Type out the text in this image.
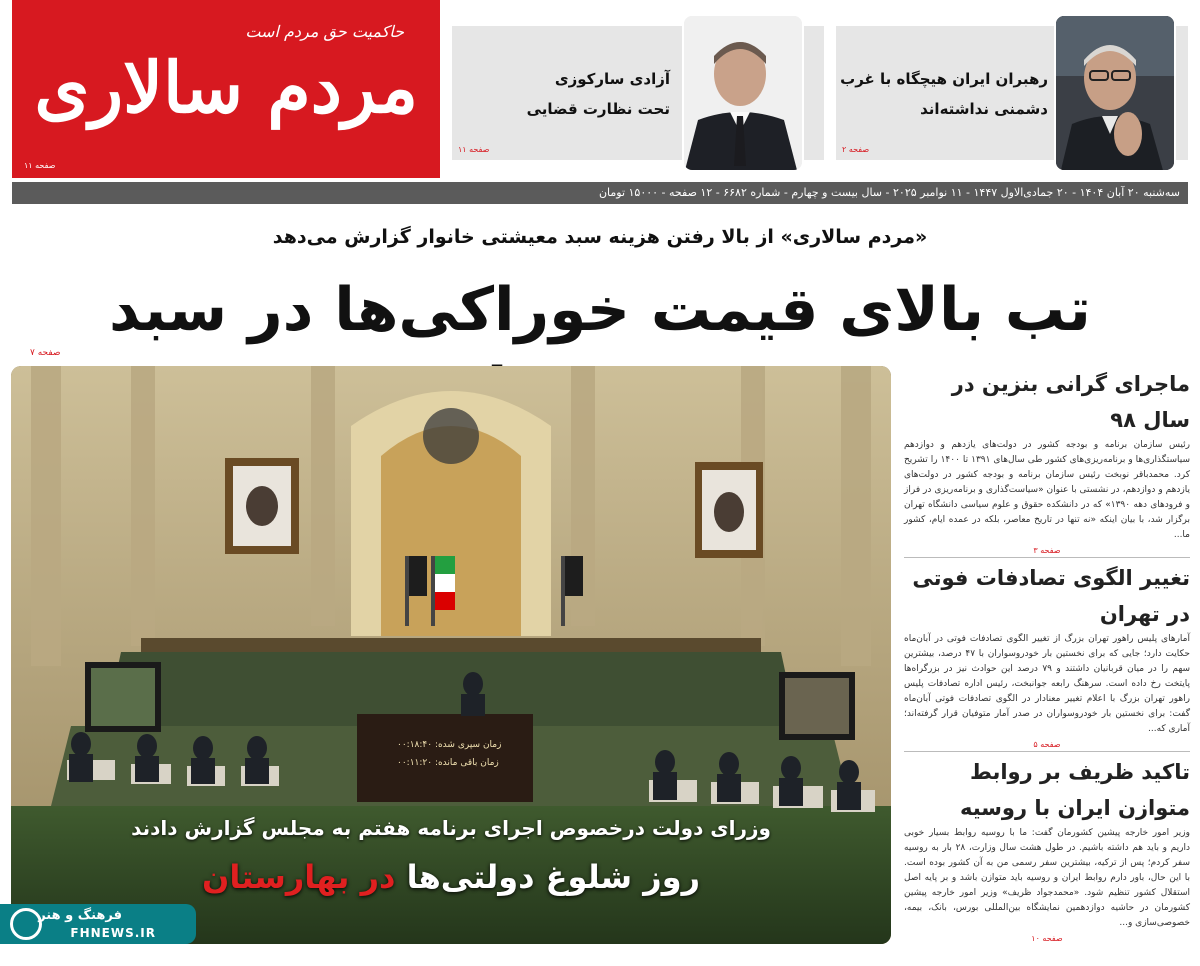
حاکمیت حق مردم است
مردم سالاری
صفحه ۱۱
رهبران ایران هیچگاه با غرب
دشمنی نداشته‌اند
صفحه ۲
آزادی سارکوزی
تحت نظارت قضایی
صفحه ۱۱
سه‌شنبه ۲۰ آبان ۱۴۰۴ - ۲۰ جمادی‌الاول ۱۴۴۷ - ۱۱ نوامبر ۲۰۲۵ - سال بیست و چهارم - شماره ۶۶۸۲ - ۱۲ صفحه - ۱۵۰۰۰ تومان
«مردم سالاری» از بالا رفتن هزینه سبد معیشتی خانوار گزارش می‌دهد
تب بالای قیمت خوراکی‌ها در سبد
صفحه ۷
زمان سپری شده: ۰۰:۱۸:۴۰
زمان باقی مانده: ۰۰:۱۱:۲۰
وزرای دولت درخصوص اجرای برنامه هفتم به مجلس گزارش دادند
روز شلوغ دولتی‌ها در بهارستان
فرهنگ و هنر
FHNEWS.IR
ماجرای گرانی بنزین در سال ۹۸

رئیس سازمان برنامه و بودجه کشور در دولت‌های یازدهم و دوازدهم سیاستگذاری‌ها و برنامه‌ریزی‌های کشور طی سال‌های ۱۳۹۱ تا ۱۴۰۰ را تشریح کرد. محمدباقر نوبخت رئیس سازمان برنامه و بودجه کشور در دولت‌های یازدهم و دوازدهم، در نشستی با عنوان «سیاست‌گذاری و برنامه‌ریزی در فراز و فرودهای دهه ۱۳۹۰» که در دانشکده حقوق و علوم سیاسی دانشگاه تهران برگزار شد، با بیان اینکه «نه تنها در تاریخ معاصر، بلکه در عمده ایام، کشور ما...

صفحه ۳
تغییر الگوی تصادفات فوتی در تهران

آمارهای پلیس راهور تهران بزرگ از تغییر الگوی تصادفات فوتی در آبان‌ماه حکایت دارد؛ جایی که برای نخستین بار خودروسواران با ۴۷ درصد، بیشترین سهم را در میان قربانیان داشتند و ۷۹ درصد این حوادث نیز در بزرگراه‌ها پایتخت رخ داده است. سرهنگ رابعه جوانبخت، رئیس اداره تصادفات پلیس راهور تهران بزرگ با اعلام تغییر معنادار در الگوی تصادفات فوتی آبان‌ماه گفت: برای نخستین بار خودروسواران در صدر آمار متوفیان قرار گرفته‌اند؛ آماری که...

صفحه ۵
تاکید ظریف بر روابط متوازن ایران با روسیه

وزیر امور خارجه پیشین کشورمان گفت: ما با روسیه روابط بسیار خوبی داریم و باید هم داشته باشیم. در طول هشت سال وزارت، ۲۸ بار به روسیه سفر کردم؛ پس از ترکیه، بیشترین سفر رسمی من به آن کشور بوده است. با این حال، باور دارم روابط ایران و روسیه باید متوازن باشد و بر پایه اصل استقلال کشور تنظیم شود. «محمدجواد ظریف» وزیر امور خارجه پیشین کشورمان در حاشیه دوازدهمین نمایشگاه بین‌المللی بورس، بانک، بیمه، خصوصی‌سازی و...

صفحه ۱۰
